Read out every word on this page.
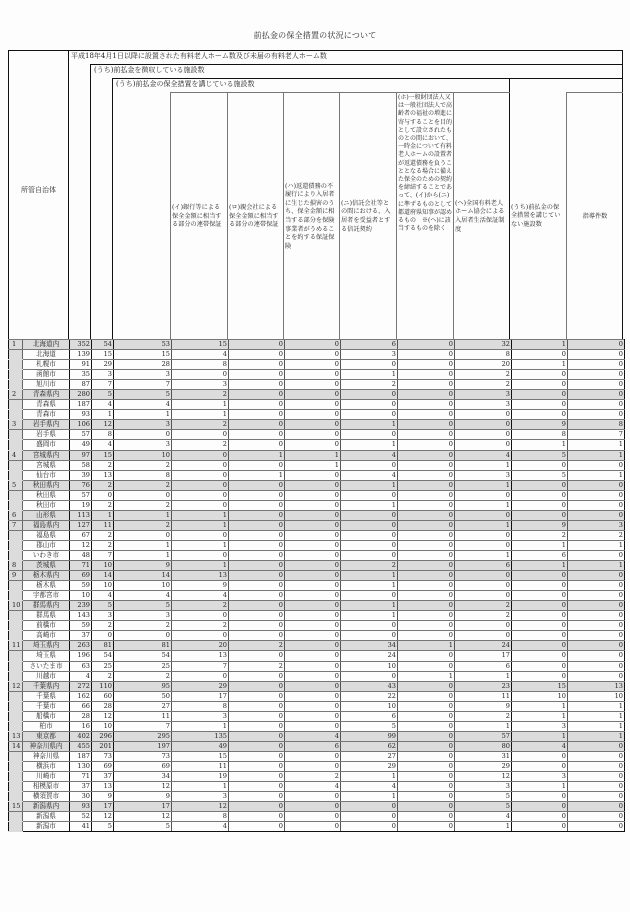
前払金の保全措置の状況について
所管自治体
平成18年4月1日以降に設置された有料老人ホーム数及び未届の有料老人ホーム数
(うち)前払金を徴収している施設数
(うち)前払金の保全措置を講じている施設数
(イ)銀行等による保全金額に相当する部分の連帯保証
(ロ)親会社による保全金額に相当する部分の連帯保証
(ハ)返還債務の不履行により入居者に生じた損害のうち、保全金額に相当する部分を保険事業者がうめることを約する保証保険
(ニ)信託会社等との間における、入居者を受益者とする信託契約
(ホ)一般財団法人又は一般社団法人で高齢者の福祉の増進に寄与することを目的として設立されたものとの間において、一時金について有料老人ホームの設置者が返還債務を負うこととなる場合に備えた保全のための契約を締結することであって、(イ)から(ニ)に準ずるものとして都道府県知事が認めるもの　※(ヘ)に該当するものを除く
(ヘ)全国有料老人ホーム協会による入居者生活保証制度
(うち)前払金の保全措置を講じていない施設数
指導件数
1	北海道内	352	54	53	15	0	0	6	0	32	1	0
	北海道	139	15	15	4	0	0	3	0	8	0	0
	札幌市	91	29	28	8	0	0	0	0	20	1	0
	函館市	35	3	3	0	0	0	1	0	2	0	0
	旭川市	87	7	7	3	0	0	2	0	2	0	0
2	青森県内	280	5	5	2	0	0	0	0	3	0	0
	青森県	187	4	4	1	0	0	0	0	3	0	0
	青森市	93	1	1	1	0	0	0	0	0	0	0
3	岩手県内	106	12	3	2	0	0	1	0	0	9	8
	岩手県	57	8	0	0	0	0	0	0	0	8	7
	盛岡市	49	4	3	2	0	0	1	0	0	1	1
4	宮城県内	97	15	10	0	1	1	4	0	4	5	1
	宮城県	58	2	2	0	0	1	0	0	1	0	0
	仙台市	39	13	8	0	1	0	4	0	3	5	1
5	秋田県内	76	2	2	0	0	0	1	0	1	0	0
	秋田県	57	0	0	0	0	0	0	0	0	0	0
	秋田市	19	2	2	0	0	0	1	0	1	0	0
6	山形県	113	1	1	1	0	0	0	0	0	0	0
7	福島県内	127	11	2	1	0	0	0	0	1	9	3
	福島県	67	2	0	0	0	0	0	0	0	2	2
	郡山市	12	2	1	1	0	0	0	0	0	1	1
	いわき市	48	7	1	0	0	0	0	0	1	6	0
8	茨城県	71	10	9	1	0	0	2	0	6	1	1
9	栃木県内	69	14	14	13	0	0	1	0	0	0	0
	栃木県	59	10	10	9	0	0	1	0	0	0	0
	宇都宮市	10	4	4	4	0	0	0	0	0	0	0
10	群馬県内	239	5	5	2	0	0	1	0	2	0	0
	群馬県	143	3	3	0	0	0	1	0	2	0	0
	前橋市	59	2	2	2	0	0	0	0	0	0	0
	高崎市	37	0	0	0	0	0	0	0	0	0	0
11	埼玉県内	263	81	81	20	2	0	34	1	24	0	0
	埼玉県	196	54	54	13	0	0	24	0	17	0	0
	さいたま市	63	25	25	7	2	0	10	0	6	0	0
	川越市	4	2	2	0	0	0	0	1	1	0	0
12	千葉県内	272	110	95	29	0	0	43	0	23	15	13
	千葉県	162	60	50	17	0	0	22	0	11	10	10
	千葉市	66	28	27	8	0	0	10	0	9	1	1
	船橋市	28	12	11	3	0	0	6	0	2	1	1
	柏市	16	10	7	1	0	0	5	0	1	3	1
13	東京都	402	296	295	135	0	4	99	0	57	1	1
14	神奈川県内	455	201	197	49	0	6	62	0	80	4	0
	神奈川県	187	73	73	15	0	0	27	0	31	0	0
	横浜市	130	69	69	11	0	0	29	0	29	0	0
	川崎市	71	37	34	19	0	2	1	0	12	3	0
	相模原市	37	13	12	1	0	4	4	0	3	1	0
	横須賀市	30	9	9	3	0	0	1	0	5	0	0
15	新潟県内	93	17	17	12	0	0	0	0	5	0	0
	新潟県	52	12	12	8	0	0	0	0	4	0	0
	新潟市	41	5	5	4	0	0	0	0	1	0	0
